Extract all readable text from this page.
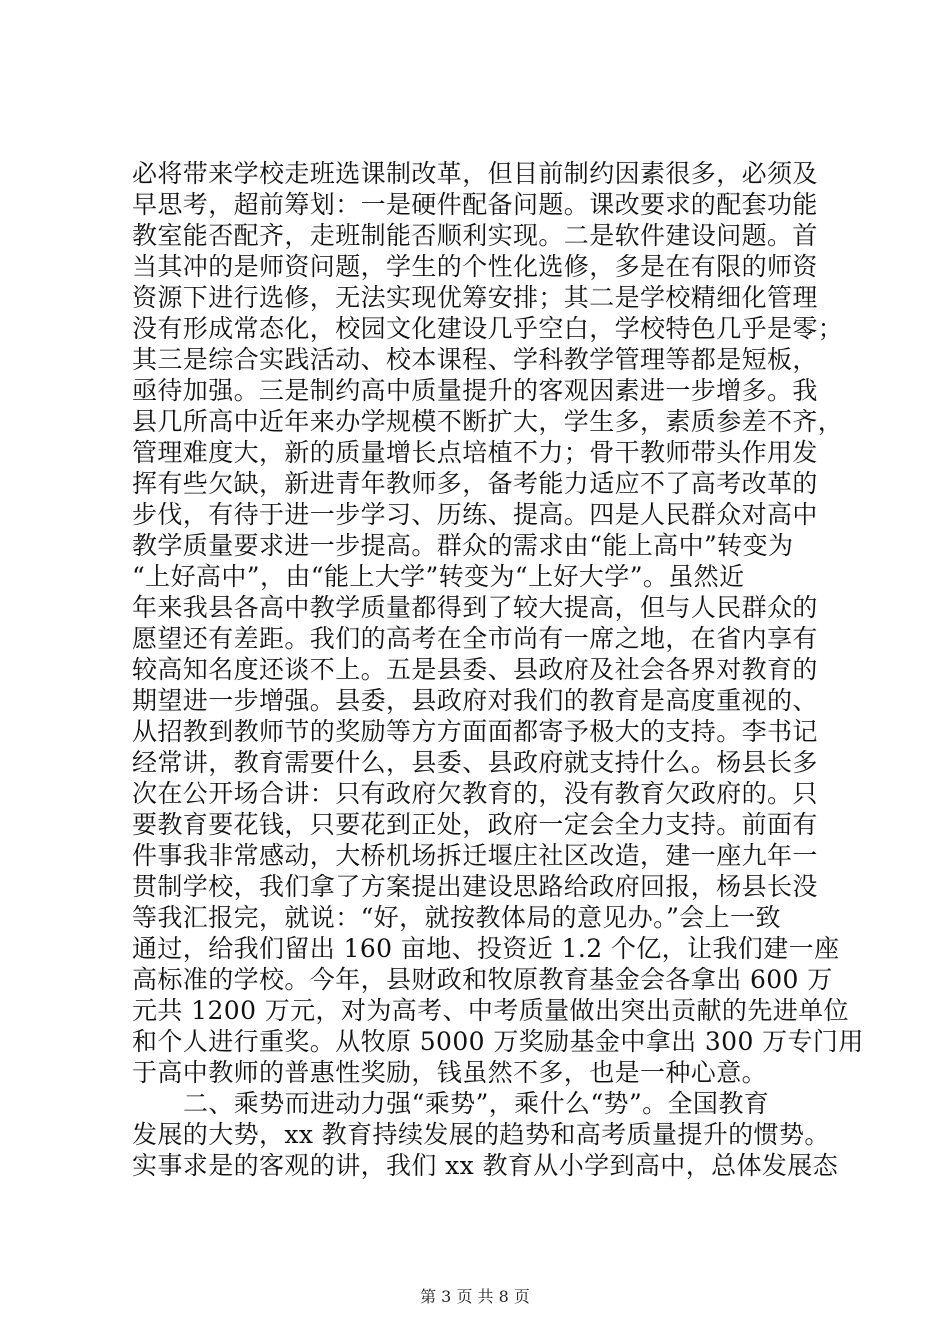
必将带来学校走班选课制改革，但目前制约因素很多，必须及
早思考，超前筹划：一是硬件配备问题。课改要求的配套功能
教室能否配齐，走班制能否顺利实现。二是软件建设问题。首
当其冲的是师资问题，学生的个性化选修，多是在有限的师资
资源下进行选修，无法实现优筹安排；其二是学校精细化管理
没有形成常态化，校园文化建设几乎空白，学校特色几乎是零；
其三是综合实践活动、校本课程、学科教学管理等都是短板，
亟待加强。三是制约高中质量提升的客观因素进一步增多。我
县几所高中近年来办学规模不断扩大，学生多，素质参差不齐，
管理难度大，新的质量增长点培植不力；骨干教师带头作用发
挥有些欠缺，新进青年教师多，备考能力适应不了高考改革的
步伐，有待于进一步学习、历练、提高。四是人民群众对高中
教学质量要求进一步提高。群众的需求由“能上高中”转变为
“上好高中”，由“能上大学”转变为“上好大学”。虽然近
年来我县各高中教学质量都得到了较大提高，但与人民群众的
愿望还有差距。我们的高考在全市尚有一席之地，在省内享有
较高知名度还谈不上。五是县委、县政府及社会各界对教育的
期望进一步增强。县委，县政府对我们的教育是高度重视的、
从招教到教师节的奖励等方方面面都寄予极大的支持。李书记
经常讲，教育需要什么，县委、县政府就支持什么。杨县长多
次在公开场合讲：只有政府欠教育的，没有教育欠政府的。只
要教育要花钱，只要花到正处，政府一定会全力支持。前面有
件事我非常感动，大桥机场拆迁堰庄社区改造，建一座九年一
贯制学校，我们拿了方案提出建设思路给政府回报，杨县长没
等我汇报完，就说：“好，就按教体局的意见办。”会上一致
通过，给我们留出 160 亩地、投资近 1.2 个亿，让我们建一座
高标准的学校。今年，县财政和牧原教育基金会各拿出 600 万
元共 1200 万元，对为高考、中考质量做出突出贡献的先进单位
和个人进行重奖。从牧原 5000 万奖励基金中拿出 300 万专门用
于高中教师的普惠性奖励，钱虽然不多，也是一种心意。
二、乘势而进动力强“乘势”，乘什么“势”。全国教育
发展的大势，xx 教育持续发展的趋势和高考质量提升的惯势。
实事求是的客观的讲，我们 xx 教育从小学到高中，总体发展态
第 3 页 共 8 页
